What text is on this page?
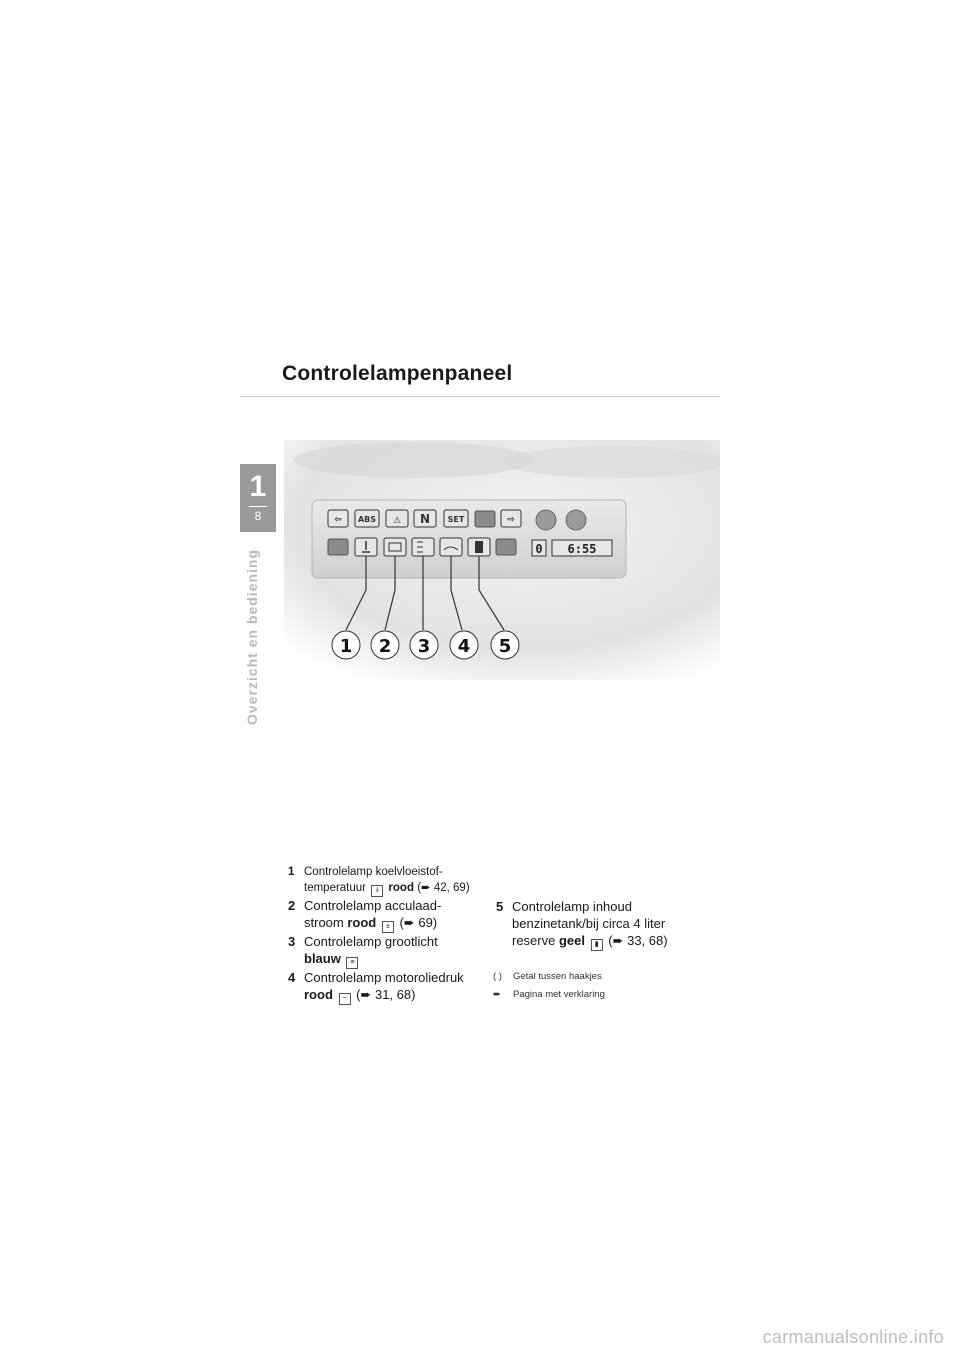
Controlelampenpaneel
1
8
Overzicht en bediening
⇦ ABS ⚠ N SET	⇨
0 6:55
1 2 3 4 5
1 Controlelamp koelvloeistof-
temperatuur ⫰ rood (➨ 42, 69)
2 Controlelamp acculaad-
stroom rood ± (➨ 69)
3 Controlelamp grootlicht
blauw ≡
4 Controlelamp motoroliedruk
rood ~ (➨ 31, 68)
5 Controlelamp inhoud
benzinetank/bij circa 4 liter
reserve geel ▮ (➨ 33, 68)
( ) Getal tussen haakjes
➨ Pagina met verklaring
carmanualsonline.info
